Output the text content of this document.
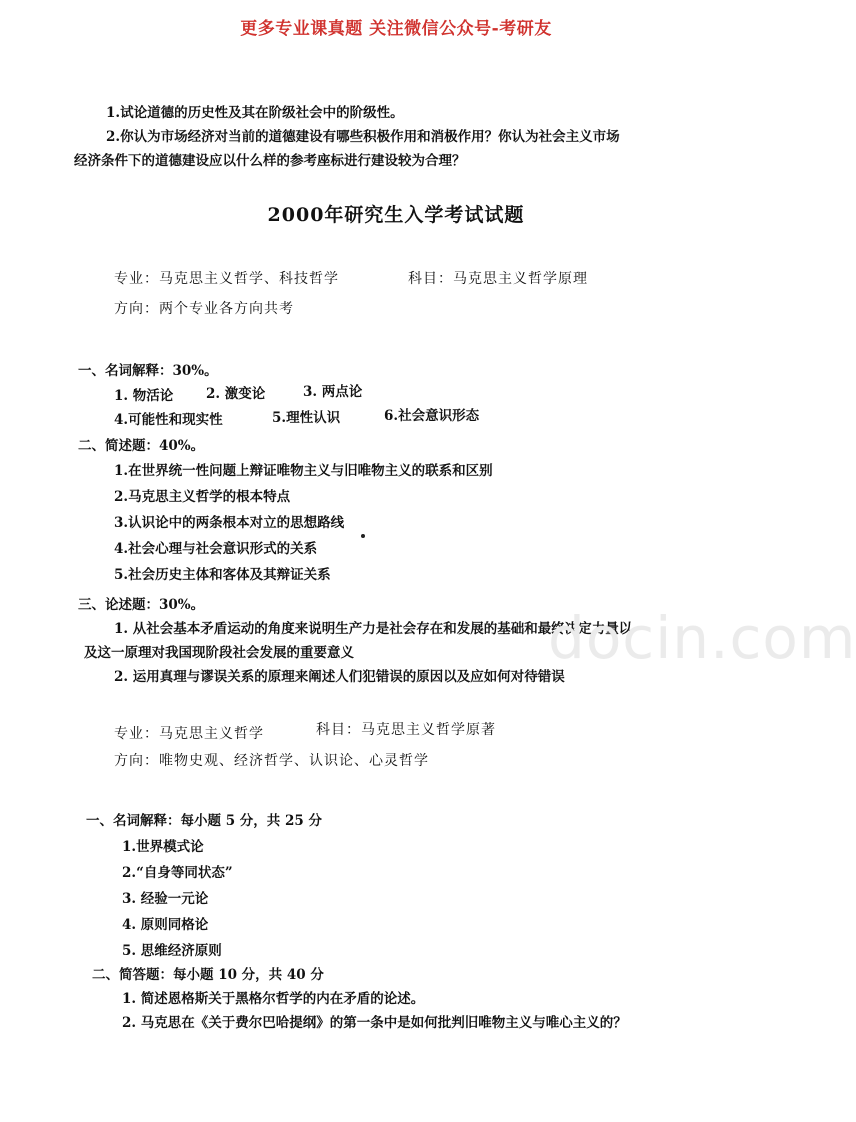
更多专业课真题 关注微信公众号-考研友
1.试论道德的历史性及其在阶级社会中的阶级性。
2.你认为市场经济对当前的道德建设有哪些积极作用和消极作用？你认为社会主义市场
经济条件下的道德建设应以什么样的参考座标进行建设较为合理？
2000年研究生入学考试试题
专业：马克思主义哲学、科技哲学	科目：马克思主义哲学原理
方向：两个专业各方向共考
一、名词解释：30%。
1. 物活论 2. 激变论	3. 两点论
4.可能性和现实性	5.理性认识	6.社会意识形态
二、简述题：40%。
1.在世界统一性问题上辩证唯物主义与旧唯物主义的联系和区别
2.马克思主义哲学的根本特点
3.认识论中的两条根本对立的思想路线
4.社会心理与社会意识形式的关系
5.社会历史主体和客体及其辩证关系
三、论述题：30%。
1. 从社会基本矛盾运动的角度来说明生产力是社会存在和发展的基础和最终决定力量以
及这一原理对我国现阶段社会发展的重要意义
2. 运用真理与谬误关系的原理来阐述人们犯错误的原因以及应如何对待错误
docin.com
专业：马克思主义哲学	科目：马克思主义哲学原著
方向：唯物史观、经济哲学、认识论、心灵哲学
一、名词解释：每小题 5 分，共 25 分
1.世界模式论
2.“自身等同状态”
3. 经验一元论
4. 原则同格论
5. 思维经济原则
二、简答题：每小题 10 分，共 40 分
1. 简述恩格斯关于黑格尔哲学的内在矛盾的论述。
2. 马克思在《关于费尔巴哈提纲》的第一条中是如何批判旧唯物主义与唯心主义的？
